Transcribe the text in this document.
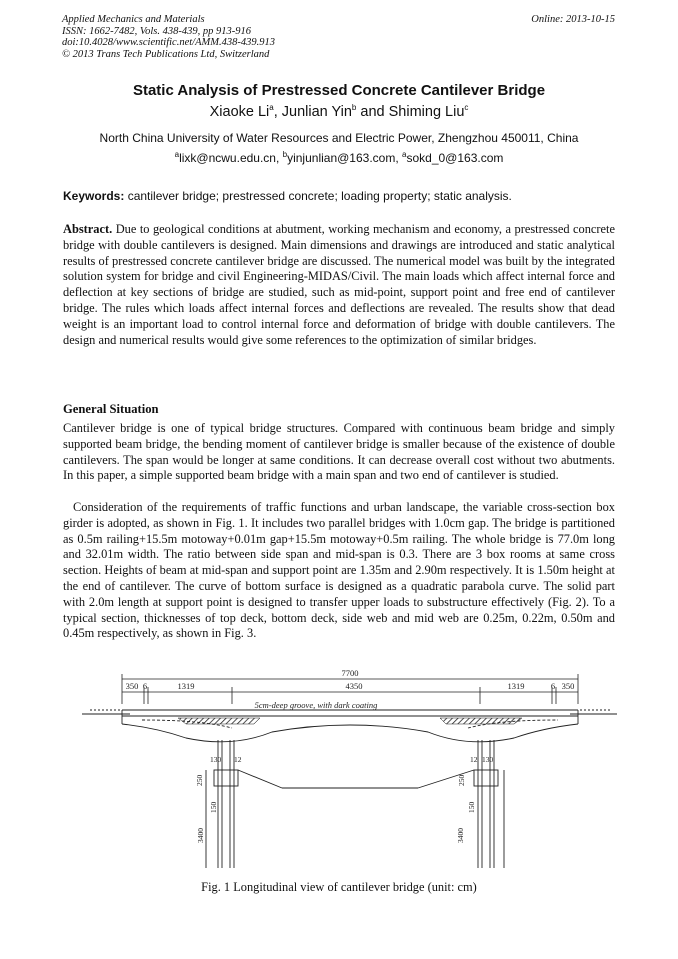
Applied Mechanics and Materials
ISSN: 1662-7482, Vols. 438-439, pp 913-916
doi:10.4028/www.scientific.net/AMM.438-439.913
© 2013 Trans Tech Publications Ltd, Switzerland
Online: 2013-10-15
Static Analysis of Prestressed Concrete Cantilever Bridge
Xiaoke Li$^a$, Junlian Yin$^b$ and Shiming Liu$^c$
North China University of Water Resources and Electric Power, Zhengzhou 450011, China
$^a$lixk@ncwu.edu.cn, $^b$yinjunlian@163.com, $^a$sokd_0@163.com
Keywords: cantilever bridge; prestressed concrete; loading property; static analysis.

Abstract. Due to geological conditions at abutment, working mechanism and economy, a prestressed concrete bridge with double cantilevers is designed. Main dimensions and drawings are introduced and static analytical results of prestressed concrete cantilever bridge are discussed. The numerical model was built by the integrated solution system for bridge and civil Engineering-MIDAS/Civil. The main loads which affect internal force and deflection at key sections of bridge are studied, such as mid-point, support point and free end of cantilever bridge. The rules which loads affect internal forces and deflections are revealed. The results show that dead weight is an important load to control internal force and deformation of bridge with double cantilevers. The design and numerical results would give some references to the optimization of similar bridges.

General Situation

Cantilever bridge is one of typical bridge structures. Compared with continuous beam bridge and simply supported beam bridge, the bending moment of cantilever bridge is smaller because of the existence of double cantilevers. The span would be longer at same conditions. It can decrease overall cost without two abutments. In this paper, a simple supported beam bridge with a main span and two end of cantilever is studied.

Consideration of the requirements of traffic functions and urban landscape, the variable cross-section box girder is adopted, as shown in Fig. 1. It includes two parallel bridges with 1.0cm gap. The bridge is partitioned as 0.5m railing+15.5m motoway+0.01m gap+15.5m motoway+0.5m railing. The whole bridge is 77.0m long and 32.01m width. The ratio between side span and mid-span is 0.3. There are 3 box rooms at same cross section. Heights of beam at mid-span and support point are 1.35m and 2.90m respectively. It is 1.50m height at the end of cantilever. The curve of bottom surface is designed as a quadratic parabola curve. The solid part with 2.0m length at support point is designed to transfer upper loads to substructure effectively (Fig. 2). To a typical section, thicknesses of top deck, bottom deck, side web and mid web are 0.25m, 0.22m, 0.50m and 0.45m respectively, as shown in Fig. 3.

7700
350 6	1319	4350	1319	6 350
5cm-deep groove, with dark coating
130 12	130
12
250	250
150	150
3400	3400
Fig. 1 Longitudinal view of cantilever bridge (unit: cm)
